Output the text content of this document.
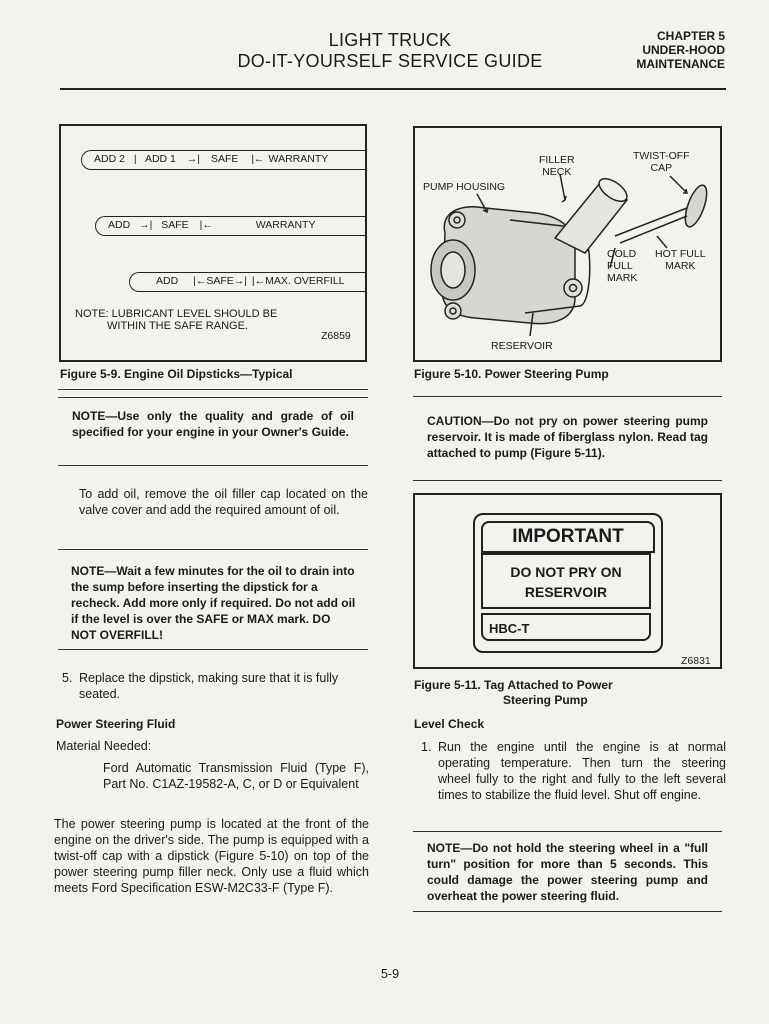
LIGHT TRUCK
DO-IT-YOURSELF SERVICE GUIDE
CHAPTER 5
UNDER-HOOD
MAINTENANCE
ADD 2 | ADD 1 →| SAFE |← WARRANTY
ADD →| SAFE |←	WARRANTY
ADD |←SAFE→| |←MAX. OVERFILL
NOTE: LUBRICANT LEVEL SHOULD BE
WITHIN THE SAFE RANGE.
Z6859
Figure 5-9. Engine Oil Dipsticks—Typical
FILLER
NECK
TWIST-OFF
CAP
PUMP HOUSING
COLD
FULL
MARK
HOT FULL
MARK
RESERVOIR
Figure 5-10. Power Steering Pump
NOTE—Use only the quality and grade of oil specified for your engine in your Owner's Guide.
To add oil, remove the oil filler cap located on the valve cover and add the required amount of oil.
NOTE—Wait a few minutes for the oil to drain into the sump before inserting the dipstick for a recheck. Add more only if required. Do not add oil if the level is over the SAFE or MAX mark. DO NOT OVERFILL!
5. Replace the dipstick, making sure that it is fully seated.
Power Steering Fluid
Material Needed:
Ford Automatic Transmission Fluid (Type F), Part No. C1AZ-19582-A, C, or D or Equivalent
The power steering pump is located at the front of the engine on the driver's side. The pump is equipped with a twist-off cap with a dipstick (Figure 5-10) on top of the power steering pump filler neck. Only use a fluid which meets Ford Specification ESW-M2C33-F (Type F).
CAUTION—Do not pry on power steering pump reservoir. It is made of fiberglass nylon. Read tag attached to pump (Figure 5-11).
IMPORTANT
DO NOT PRY ON
RESERVOIR
HBC-T
Z6831
Figure 5-11. Tag Attached to Power
Steering Pump
Level Check
1. Run the engine until the engine is at normal operating temperature. Then turn the steering wheel fully to the right and fully to the left several times to stabilize the fluid level. Shut off engine.
NOTE—Do not hold the steering wheel in a "full turn" position for more than 5 seconds. This could damage the power steering pump and overheat the power steering fluid.
5-9
